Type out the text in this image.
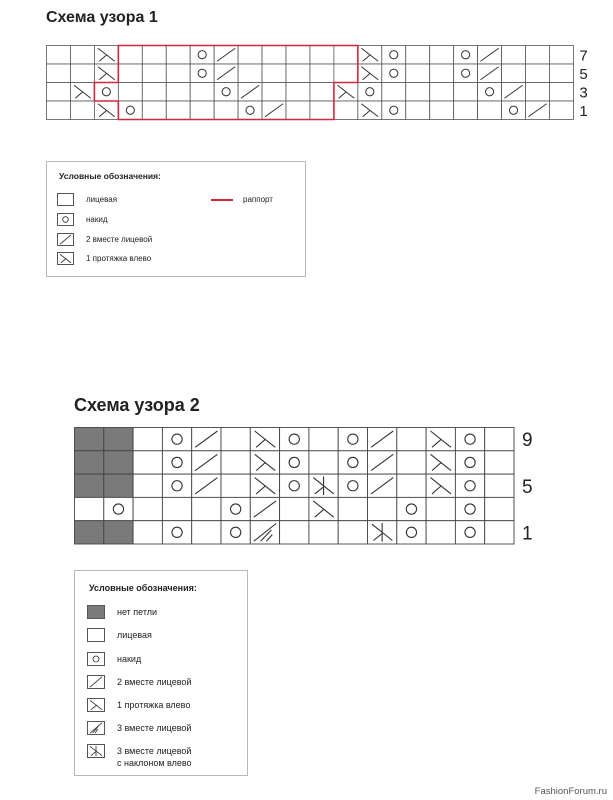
Схема узора 1
7
5
3
1
Условные обозначения:
лицевая
накид
2 вместе лицевой
1 протяжка влево
раппорт
Схема узора 2
9
5
1
Условные обозначения:
нет петли
лицевая
накид
2 вместе лицевой
1 протяжка влево
3 вместе лицевой
3 вместе лицевой
с наклоном влево
FashionForum.ru
